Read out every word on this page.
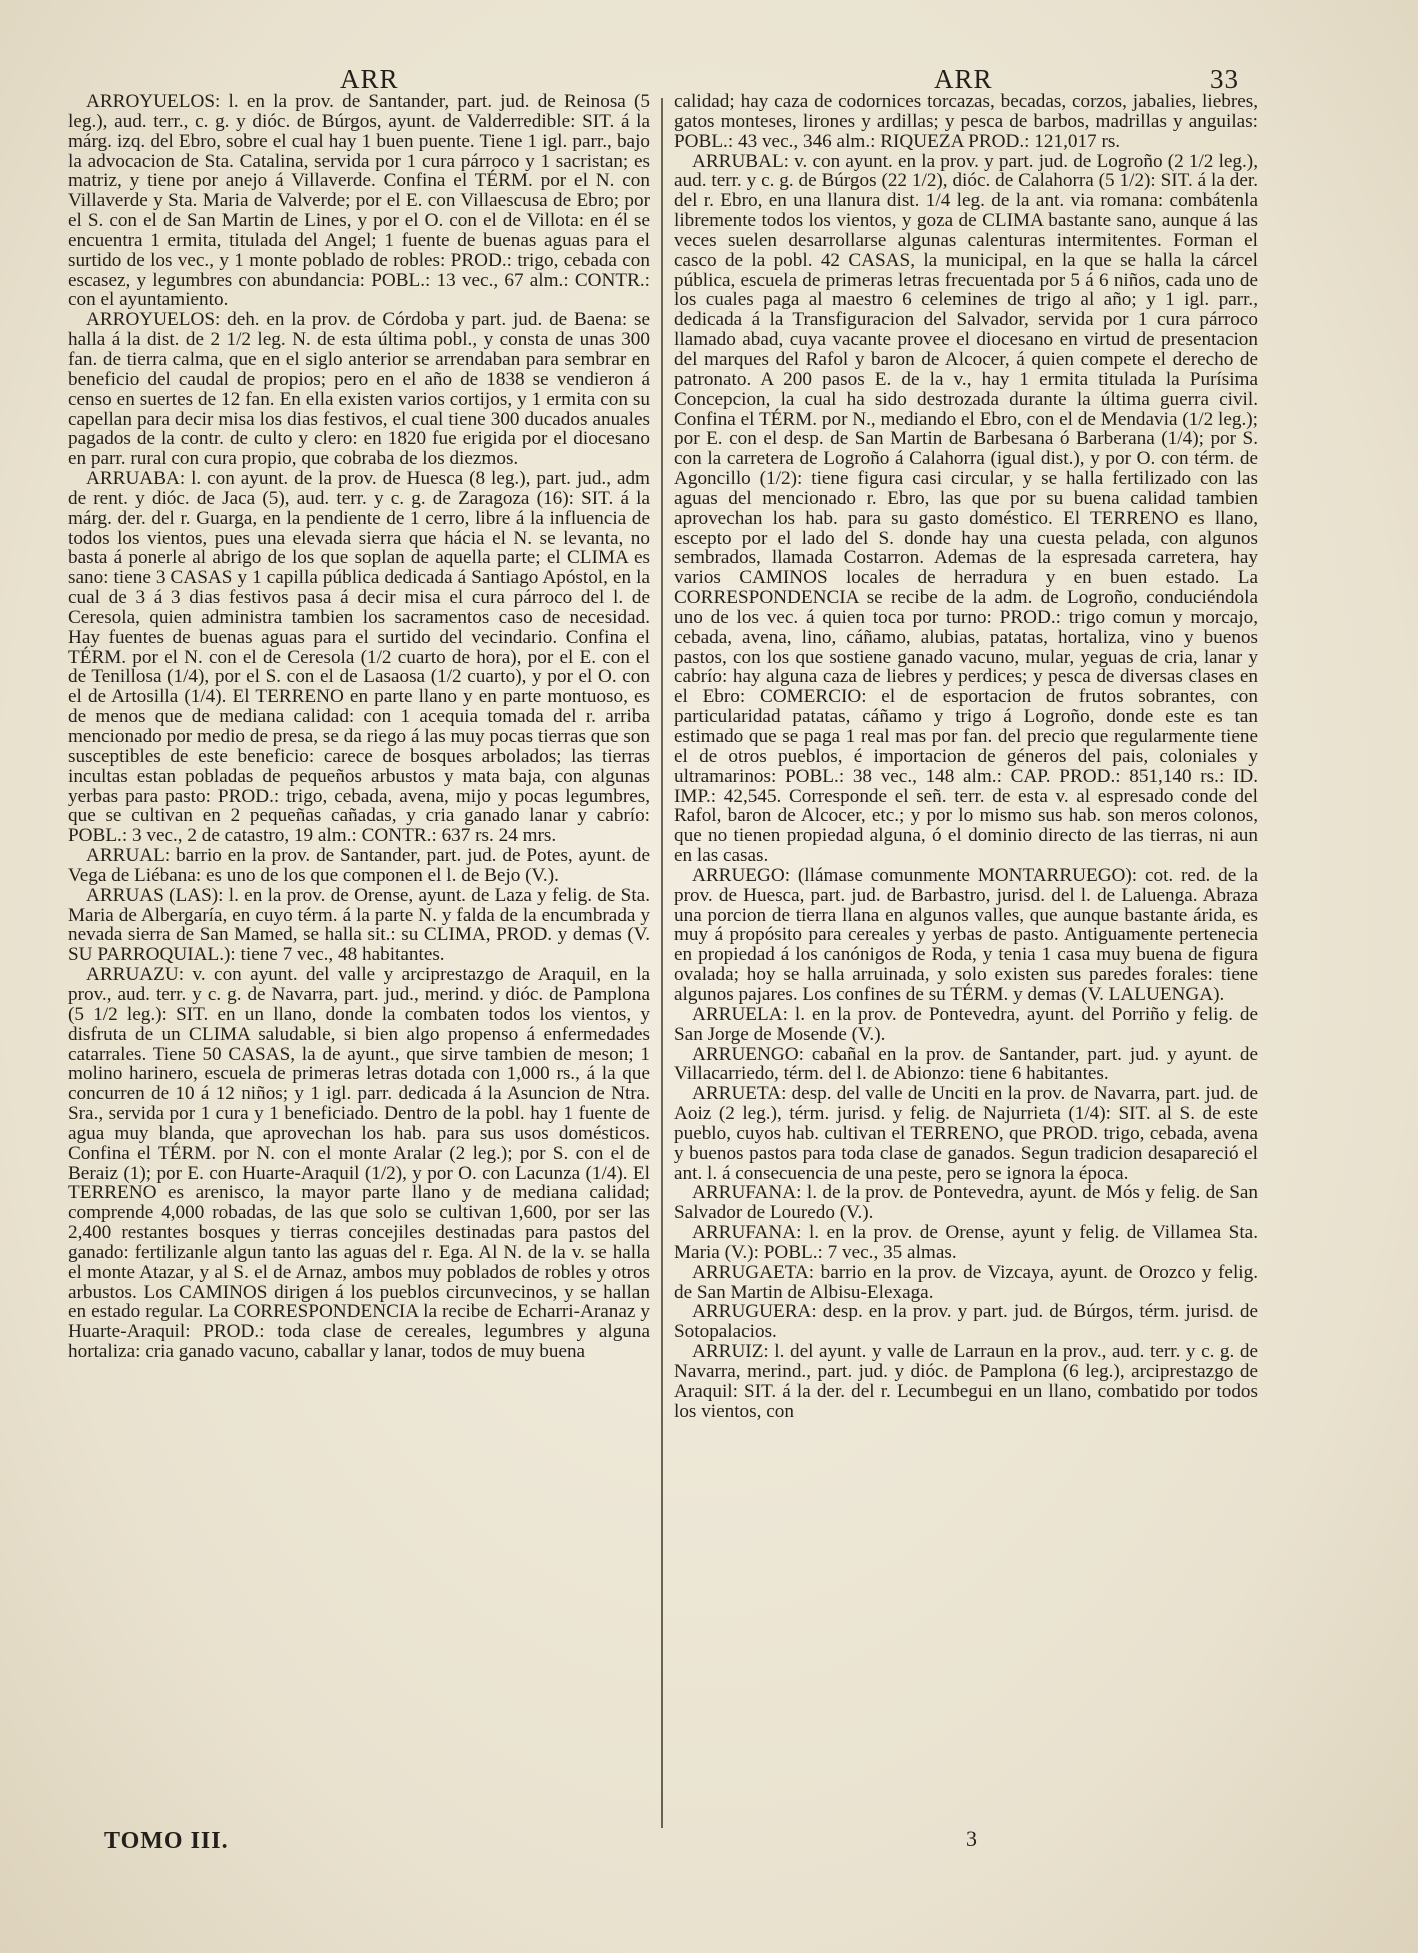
ARR	ARR	33

ARROYUELOS: l. en la prov. de Santander, part. jud. de Reinosa (5 leg.), aud. terr., c. g. y dióc. de Búrgos, ayunt. de Valderredible: SIT. á la márg. izq. del Ebro, sobre el cual hay 1 buen puente. Tiene 1 igl. parr., bajo la advocacion de Sta. Catalina, servida por 1 cura párroco y 1 sacristan; es matriz, y tiene por anejo á Villaverde. Confina el TÉRM. por el N. con Villaverde y Sta. Maria de Valverde; por el E. con Villaescusa de Ebro; por el S. con el de San Martin de Lines, y por el O. con el de Villota: en él se encuentra 1 ermita, titulada del Angel; 1 fuente de buenas aguas para el surtido de los vec., y 1 monte poblado de robles: PROD.: trigo, cebada con escasez, y legumbres con abundancia: POBL.: 13 vec., 67 alm.: CONTR.: con el ayuntamiento.

ARROYUELOS: deh. en la prov. de Córdoba y part. jud. de Baena: se halla á la dist. de 2 1/2 leg. N. de esta última pobl., y consta de unas 300 fan. de tierra calma, que en el siglo anterior se arrendaban para sembrar en beneficio del caudal de propios; pero en el año de 1838 se vendieron á censo en suertes de 12 fan. En ella existen varios cortijos, y 1 ermita con su capellan para decir misa los dias festivos, el cual tiene 300 ducados anuales pagados de la contr. de culto y clero: en 1820 fue erigida por el diocesano en parr. rural con cura propio, que cobraba de los diezmos.

ARRUABA: l. con ayunt. de la prov. de Huesca (8 leg.), part. jud., adm de rent. y dióc. de Jaca (5), aud. terr. y c. g. de Zaragoza (16): SIT. á la márg. der. del r. Guarga, en la pendiente de 1 cerro, libre á la influencia de todos los vientos, pues una elevada sierra que hácia el N. se levanta, no basta á ponerle al abrigo de los que soplan de aquella parte; el CLIMA es sano: tiene 3 CASAS y 1 capilla pública dedicada á Santiago Apóstol, en la cual de 3 á 3 dias festivos pasa á decir misa el cura párroco del l. de Ceresola, quien administra tambien los sacramentos caso de necesidad. Hay fuentes de buenas aguas para el surtido del vecindario. Confina el TÉRM. por el N. con el de Ceresola (1/2 cuarto de hora), por el E. con el de Tenillosa (1/4), por el S. con el de Lasaosa (1/2 cuarto), y por el O. con el de Artosilla (1/4). El TERRENO en parte llano y en parte montuoso, es de menos que de mediana calidad: con 1 acequia tomada del r. arriba mencionado por medio de presa, se da riego á las muy pocas tierras que son susceptibles de este beneficio: carece de bosques arbolados; las tierras incultas estan pobladas de pequeños arbustos y mata baja, con algunas yerbas para pasto: PROD.: trigo, cebada, avena, mijo y pocas legumbres, que se cultivan en 2 pequeñas cañadas, y cria ganado lanar y cabrío: POBL.: 3 vec., 2 de catastro, 19 alm.: CONTR.: 637 rs. 24 mrs.

ARRUAL: barrio en la prov. de Santander, part. jud. de Potes, ayunt. de Vega de Liébana: es uno de los que componen el l. de Bejo (V.).

ARRUAS (LAS): l. en la prov. de Orense, ayunt. de Laza y felig. de Sta. Maria de Albergaría, en cuyo térm. á la parte N. y falda de la encumbrada y nevada sierra de San Mamed, se halla sit.: su CLIMA, PROD. y demas (V. SU PARROQUIAL.): tiene 7 vec., 48 habitantes.

ARRUAZU: v. con ayunt. del valle y arciprestazgo de Araquil, en la prov., aud. terr. y c. g. de Navarra, part. jud., merind. y dióc. de Pamplona (5 1/2 leg.): SIT. en un llano, donde la combaten todos los vientos, y disfruta de un CLIMA saludable, si bien algo propenso á enfermedades catarrales. Tiene 50 CASAS, la de ayunt., que sirve tambien de meson; 1 molino harinero, escuela de primeras letras dotada con 1,000 rs., á la que concurren de 10 á 12 niños; y 1 igl. parr. dedicada á la Asuncion de Ntra. Sra., servida por 1 cura y 1 beneficiado. Dentro de la pobl. hay 1 fuente de agua muy blanda, que aprovechan los hab. para sus usos domésticos. Confina el TÉRM. por N. con el monte Aralar (2 leg.); por S. con el de Beraiz (1); por E. con Huarte-Araquil (1/2), y por O. con Lacunza (1/4). El TERRENO es arenisco, la mayor parte llano y de mediana calidad; comprende 4,000 robadas, de las que solo se cultivan 1,600, por ser las 2,400 restantes bosques y tierras concejiles destinadas para pastos del ganado: fertilizanle algun tanto las aguas del r. Ega. Al N. de la v. se halla el monte Atazar, y al S. el de Arnaz, ambos muy poblados de robles y otros arbustos. Los CAMINOS dirigen á los pueblos circunvecinos, y se hallan en estado regular. La CORRESPONDENCIA la recibe de Echarri-Aranaz y Huarte-Araquil: PROD.: toda clase de cereales, legumbres y alguna hortaliza: cria ganado vacuno, caballar y lanar, todos de muy buena

calidad; hay caza de codornices torcazas, becadas, corzos, jabalies, liebres, gatos monteses, lirones y ardillas; y pesca de barbos, madrillas y anguilas: POBL.: 43 vec., 346 alm.: RIQUEZA PROD.: 121,017 rs.

ARRUBAL: v. con ayunt. en la prov. y part. jud. de Logroño (2 1/2 leg.), aud. terr. y c. g. de Búrgos (22 1/2), dióc. de Calahorra (5 1/2): SIT. á la der. del r. Ebro, en una llanura dist. 1/4 leg. de la ant. via romana: combátenla libremente todos los vientos, y goza de CLIMA bastante sano, aunque á las veces suelen desarrollarse algunas calenturas intermitentes. Forman el casco de la pobl. 42 CASAS, la municipal, en la que se halla la cárcel pública, escuela de primeras letras frecuentada por 5 á 6 niños, cada uno de los cuales paga al maestro 6 celemines de trigo al año; y 1 igl. parr., dedicada á la Transfiguracion del Salvador, servida por 1 cura párroco llamado abad, cuya vacante provee el diocesano en virtud de presentacion del marques del Rafol y baron de Alcocer, á quien compete el derecho de patronato. A 200 pasos E. de la v., hay 1 ermita titulada la Purísima Concepcion, la cual ha sido destrozada durante la última guerra civil. Confina el TÉRM. por N., mediando el Ebro, con el de Mendavia (1/2 leg.); por E. con el desp. de San Martin de Barbesana ó Barberana (1/4); por S. con la carretera de Logroño á Calahorra (igual dist.), y por O. con térm. de Agoncillo (1/2): tiene figura casi circular, y se halla fertilizado con las aguas del mencionado r. Ebro, las que por su buena calidad tambien aprovechan los hab. para su gasto doméstico. El TERRENO es llano, escepto por el lado del S. donde hay una cuesta pelada, con algunos sembrados, llamada Costarron. Ademas de la espresada carretera, hay varios CAMINOS locales de herradura y en buen estado. La CORRESPONDENCIA se recibe de la adm. de Logroño, conduciéndola uno de los vec. á quien toca por turno: PROD.: trigo comun y morcajo, cebada, avena, lino, cáñamo, alubias, patatas, hortaliza, vino y buenos pastos, con los que sostiene ganado vacuno, mular, yeguas de cria, lanar y cabrío: hay alguna caza de liebres y perdices; y pesca de diversas clases en el Ebro: COMERCIO: el de esportacion de frutos sobrantes, con particularidad patatas, cáñamo y trigo á Logroño, donde este es tan estimado que se paga 1 real mas por fan. del precio que regularmente tiene el de otros pueblos, é importacion de géneros del pais, coloniales y ultramarinos: POBL.: 38 vec., 148 alm.: CAP. PROD.: 851,140 rs.: ID. IMP.: 42,545. Corresponde el señ. terr. de esta v. al espresado conde del Rafol, baron de Alcocer, etc.; y por lo mismo sus hab. son meros colonos, que no tienen propiedad alguna, ó el dominio directo de las tierras, ni aun en las casas.

ARRUEGO: (llámase comunmente MONTARRUEGO): cot. red. de la prov. de Huesca, part. jud. de Barbastro, jurisd. del l. de Laluenga. Abraza una porcion de tierra llana en algunos valles, que aunque bastante árida, es muy á propósito para cereales y yerbas de pasto. Antiguamente pertenecia en propiedad á los canónigos de Roda, y tenia 1 casa muy buena de figura ovalada; hoy se halla arruinada, y solo existen sus paredes forales: tiene algunos pajares. Los confines de su TÉRM. y demas (V. LALUENGA).

ARRUELA: l. en la prov. de Pontevedra, ayunt. del Porriño y felig. de San Jorge de Mosende (V.).

ARRUENGO: cabañal en la prov. de Santander, part. jud. y ayunt. de Villacarriedo, térm. del l. de Abionzo: tiene 6 habitantes.

ARRUETA: desp. del valle de Unciti en la prov. de Navarra, part. jud. de Aoiz (2 leg.), térm. jurisd. y felig. de Najurrieta (1/4): SIT. al S. de este pueblo, cuyos hab. cultivan el TERRENO, que PROD. trigo, cebada, avena y buenos pastos para toda clase de ganados. Segun tradicion desapareció el ant. l. á consecuencia de una peste, pero se ignora la época.

ARRUFANA: l. de la prov. de Pontevedra, ayunt. de Mós y felig. de San Salvador de Louredo (V.).

ARRUFANA: l. en la prov. de Orense, ayunt y felig. de Villamea Sta. Maria (V.): POBL.: 7 vec., 35 almas.

ARRUGAETA: barrio en la prov. de Vizcaya, ayunt. de Orozco y felig. de San Martin de Albisu-Elexaga.

ARRUGUERA: desp. en la prov. y part. jud. de Búrgos, térm. jurisd. de Sotopalacios.

ARRUIZ: l. del ayunt. y valle de Larraun en la prov., aud. terr. y c. g. de Navarra, merind., part. jud. y dióc. de Pamplona (6 leg.), arciprestazgo de Araquil: SIT. á la der. del r. Lecumbegui en un llano, combatido por todos los vientos, con

TOMO III.	3
